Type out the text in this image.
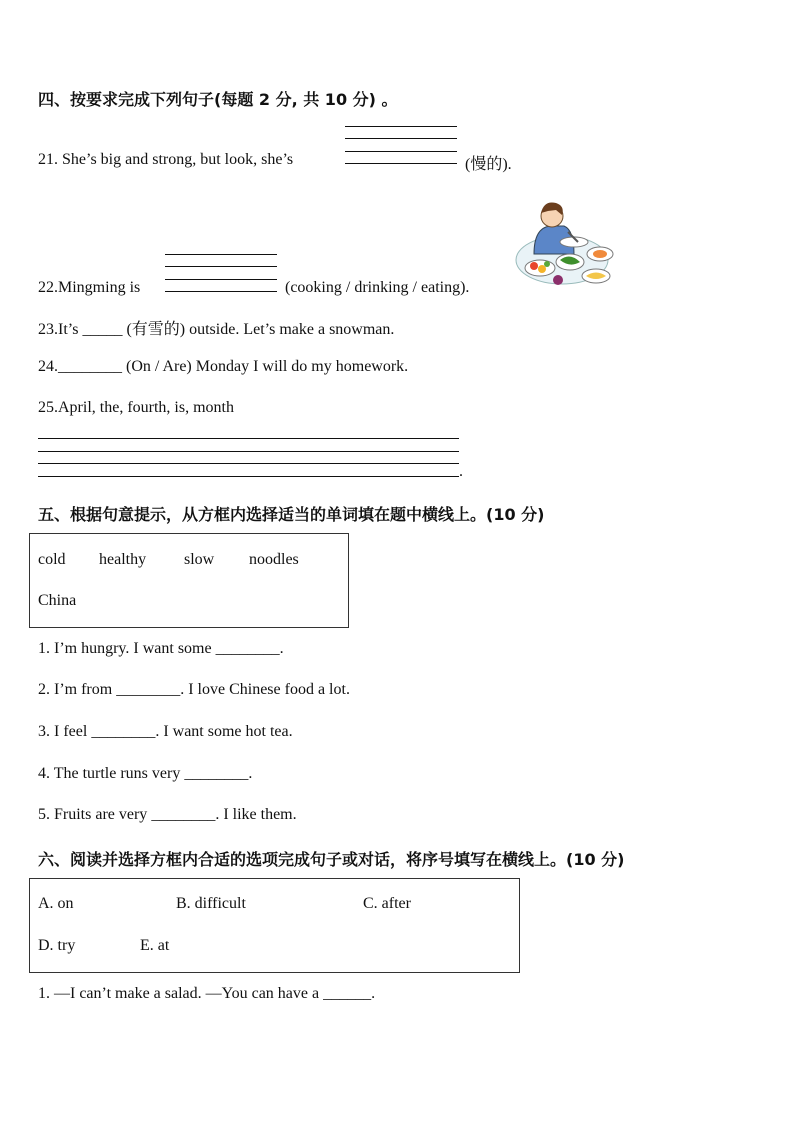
四、按要求完成下列句子(每题 2 分, 共 10 分) 。
21. She’s big and strong, but look, she’s	(慢的).
22.Mingming is	(cooking / drinking / eating).
23.It’s _____ (有雪的) outside. Let’s make a snowman.
24.________ (On / Are) Monday I will do my homework.
25.April, the, fourth, is, month
.
五、根据句意提示，从方框内选择适当的单词填在题中横线上。(10 分)
cold healthy slow noodles
China
1. I’m hungry. I want some ________.
2. I’m from ________. I love Chinese food a lot.
3. I feel ________. I want some hot tea.
4. The turtle runs very ________.
5. Fruits are very ________. I like them.
六、阅读并选择方框内合适的选项完成句子或对话，将序号填写在横线上。(10 分)
A. on	B. difficult	C. after
D. try	E. at
1. —I can’t make a salad. —You can have a ______.
